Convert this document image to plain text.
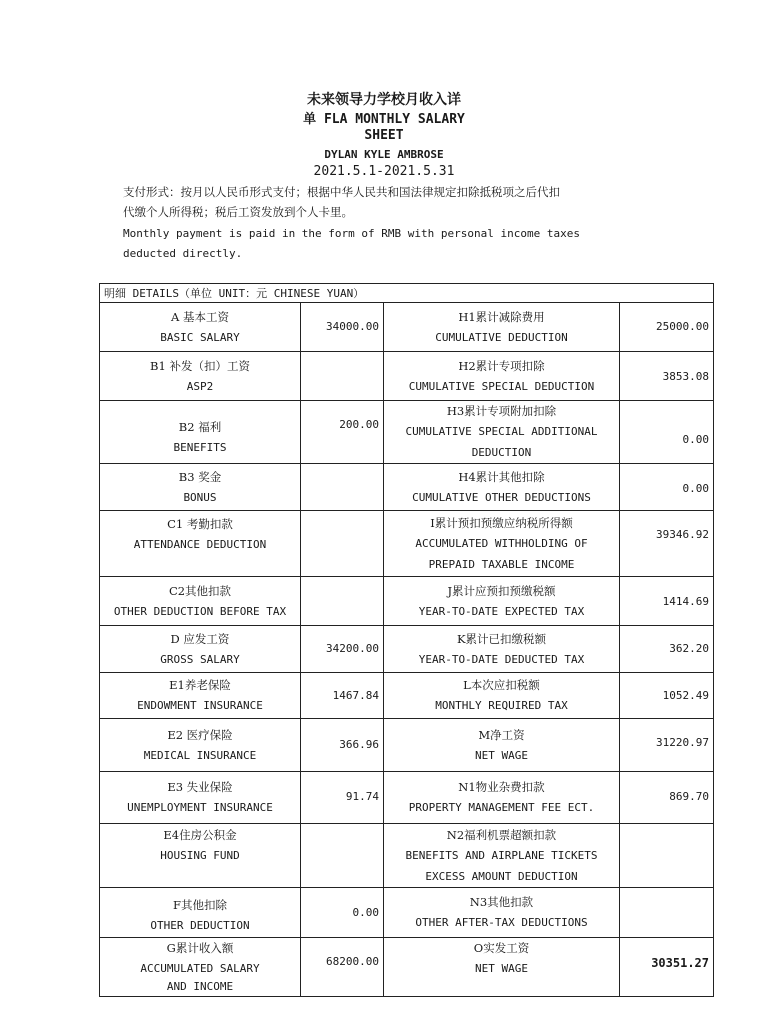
未来领导力学校月收入详
单 FLA MONTHLY SALARY
SHEET
DYLAN KYLE AMBROSE
2021.5.1-2021.5.31
支付形式：按月以人民币形式支付；根据中华人民共和国法律规定扣除抵税项之后代扣
代缴个人所得税；税后工资发放到个人卡里。
Monthly payment is paid in the form of RMB with personal income taxes
deducted directly.
明细 DETAILS（单位 UNIT：元 CHINESE YUAN）			

A 基本工资
BASIC SALARY	34000.00	H1累计减除费用
CUMULATIVE DEDUCTION	25000.00

B1 补发（扣）工资
ASP2		H2累计专项扣除
CUMULATIVE SPECIAL DEDUCTION	3853.08

B2 福利
BENEFITS	200.00	H3累计专项附加扣除
CUMULATIVE SPECIAL ADDITIONAL
DEDUCTION	0.00

B3 奖金
BONUS		H4累计其他扣除
CUMULATIVE OTHER DEDUCTIONS	0.00

C1 考勤扣款
ATTENDANCE DEDUCTION		I累计预扣预缴应纳税所得额
ACCUMULATED WITHHOLDING OF
PREPAID TAXABLE INCOME	39346.92

C2其他扣款
OTHER DEDUCTION BEFORE TAX		J累计应预扣预缴税额
YEAR-TO-DATE EXPECTED TAX	1414.69

D 应发工资
GROSS SALARY	34200.00	K累计已扣缴税额
YEAR-TO-DATE DEDUCTED TAX	362.20

E1养老保险
ENDOWMENT INSURANCE	1467.84	L本次应扣税额
MONTHLY REQUIRED TAX	1052.49

E2 医疗保险
MEDICAL INSURANCE	366.96	M净工资
NET WAGE	31220.97

E3 失业保险
UNEMPLOYMENT INSURANCE	91.74	N1物业杂费扣款
PROPERTY MANAGEMENT FEE ECT.	869.70

E4住房公积金
HOUSING FUND		N2福利机票超额扣款
BENEFITS AND AIRPLANE TICKETS
EXCESS AMOUNT DEDUCTION	

F其他扣除
OTHER DEDUCTION	0.00	N3其他扣款
OTHER AFTER-TAX DEDUCTIONS	

G累计收入额
ACCUMULATED SALARY
AND INCOME	68200.00	O实发工资
NET WAGE	30351.27
